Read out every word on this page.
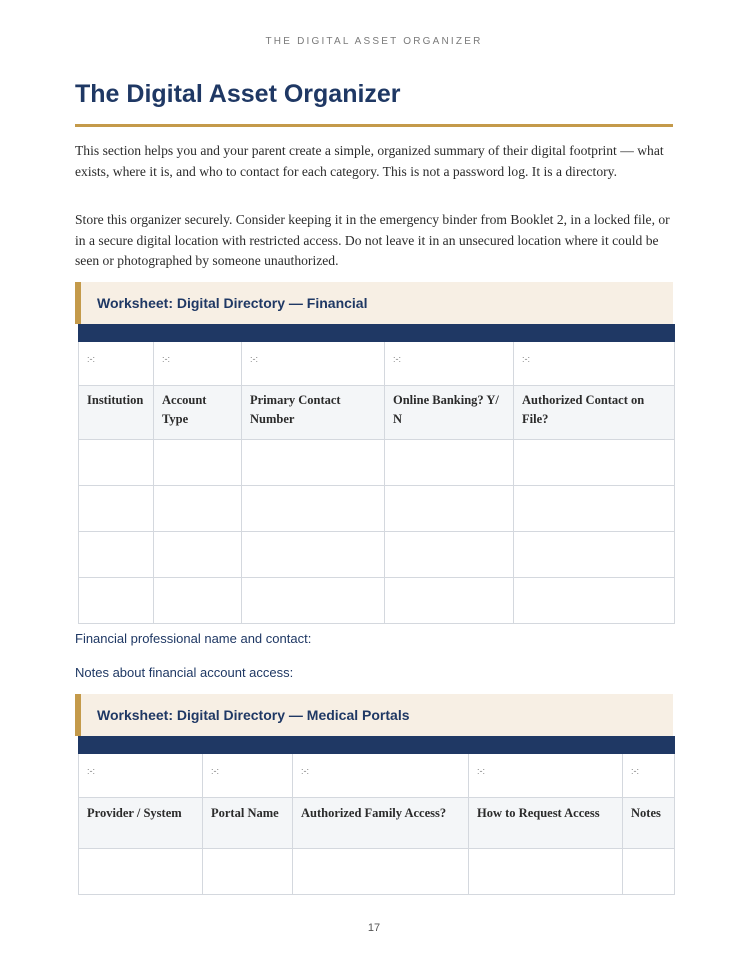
THE DIGITAL ASSET ORGANIZER
The Digital Asset Organizer

This section helps you and your parent create a simple, organized summary of their digital footprint — what exists, where it is, and who to contact for each category. This is not a password log. It is a directory.

Store this organizer securely. Consider keeping it in the emergency binder from Booklet 2, in a locked file, or in a secure digital location with restricted access. Do not leave it in an unsecured location where it could be seen or photographed by someone unauthorized.

Worksheet: Digital Directory — Financial

:-:	:-:	:-:	:-:	:-:
Institution	Account Type	Primary Contact Number	Online Banking? Y/ N	Authorized Contact on File?

Financial professional name and contact:
Notes about financial account access:
Worksheet: Digital Directory — Medical Portals

:-:	:-:	:-:	:-:	:-:
Provider / System	Portal Name	Authorized Family Access?	How to Request Access	Notes

17
